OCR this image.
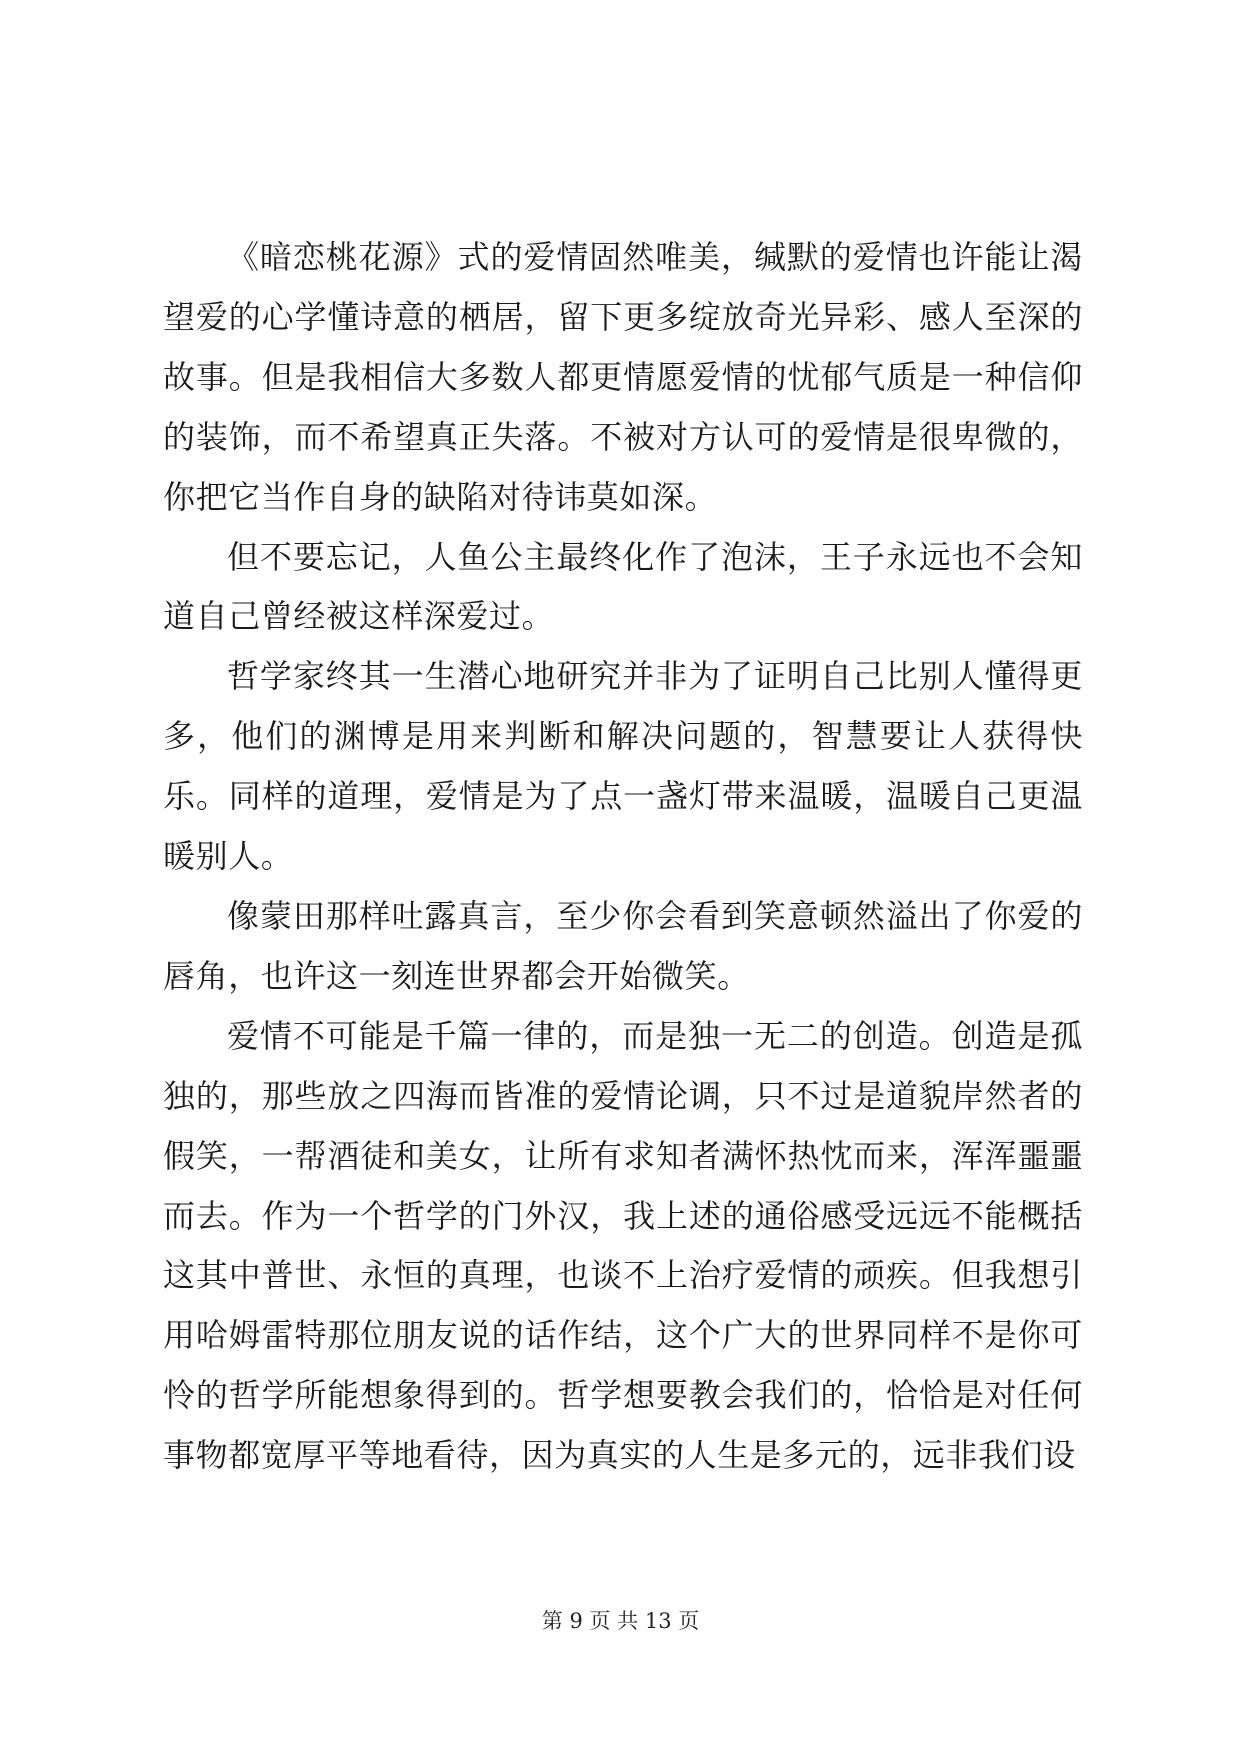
《暗恋桃花源》式的爱情固然唯美，缄默的爱情也许能让渴望爱的心学懂诗意的栖居，留下更多绽放奇光异彩、感人至深的故事。但是我相信大多数人都更情愿爱情的忧郁气质是一种信仰的装饰，而不希望真正失落。不被对方认可的爱情是很卑微的，你把它当作自身的缺陷对待讳莫如深。

但不要忘记，人鱼公主最终化作了泡沫，王子永远也不会知道自己曾经被这样深爱过。

哲学家终其一生潜心地研究并非为了证明自己比别人懂得更多，他们的渊博是用来判断和解决问题的，智慧要让人获得快乐。同样的道理，爱情是为了点一盏灯带来温暖，温暖自己更温暖别人。

像蒙田那样吐露真言，至少你会看到笑意顿然溢出了你爱的唇角，也许这一刻连世界都会开始微笑。

爱情不可能是千篇一律的，而是独一无二的创造。创造是孤独的，那些放之四海而皆准的爱情论调，只不过是道貌岸然者的假笑，一帮酒徒和美女，让所有求知者满怀热忱而来，浑浑噩噩而去。作为一个哲学的门外汉，我上述的通俗感受远远不能概括这其中普世、永恒的真理，也谈不上治疗爱情的顽疾。但我想引用哈姆雷特那位朋友说的话作结，这个广大的世界同样不是你可怜的哲学所能想象得到的。哲学想要教会我们的，恰恰是对任何事物都宽厚平等地看待，因为真实的人生是多元的，远非我们设

第 9 页 共 13 页
